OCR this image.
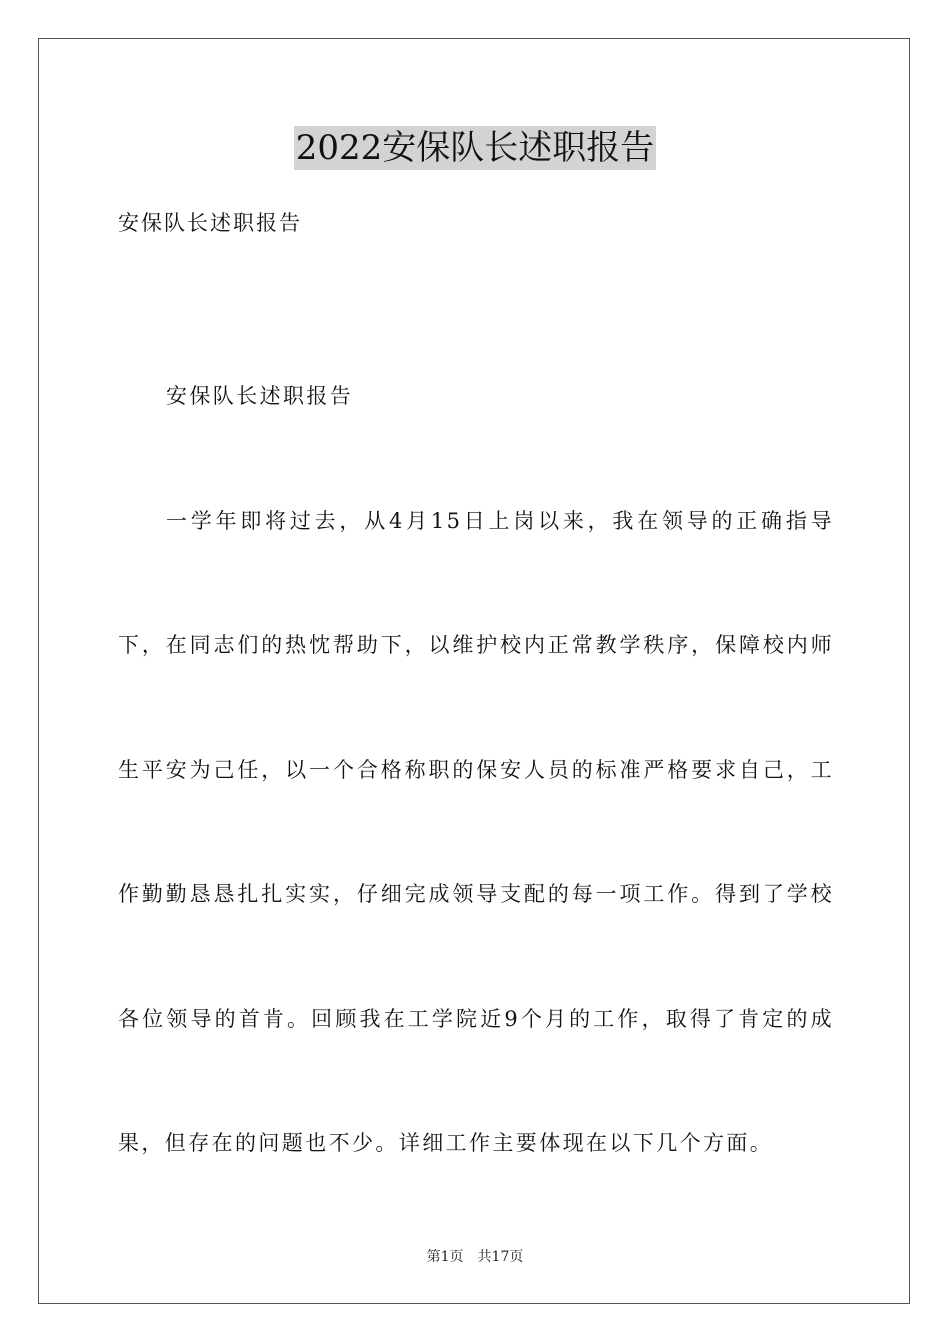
2022安保队长述职报告
安保队长述职报告

安保队长述职报告

一学年即将过去，从4月15日上岗以来，我在领导的正确指导下，在同志们的热忱帮助下，以维护校内正常教学秩序，保障校内师生平安为己任，以一个合格称职的保安人员的标准严格要求自己，工作勤勤恳恳扎扎实实，仔细完成领导支配的每一项工作。得到了学校各位领导的首肯。回顾我在工学院近9个月的工作，取得了肯定的成果，但存在的问题也不少。详细工作主要体现在以下几个方面。

第1页 共17页
